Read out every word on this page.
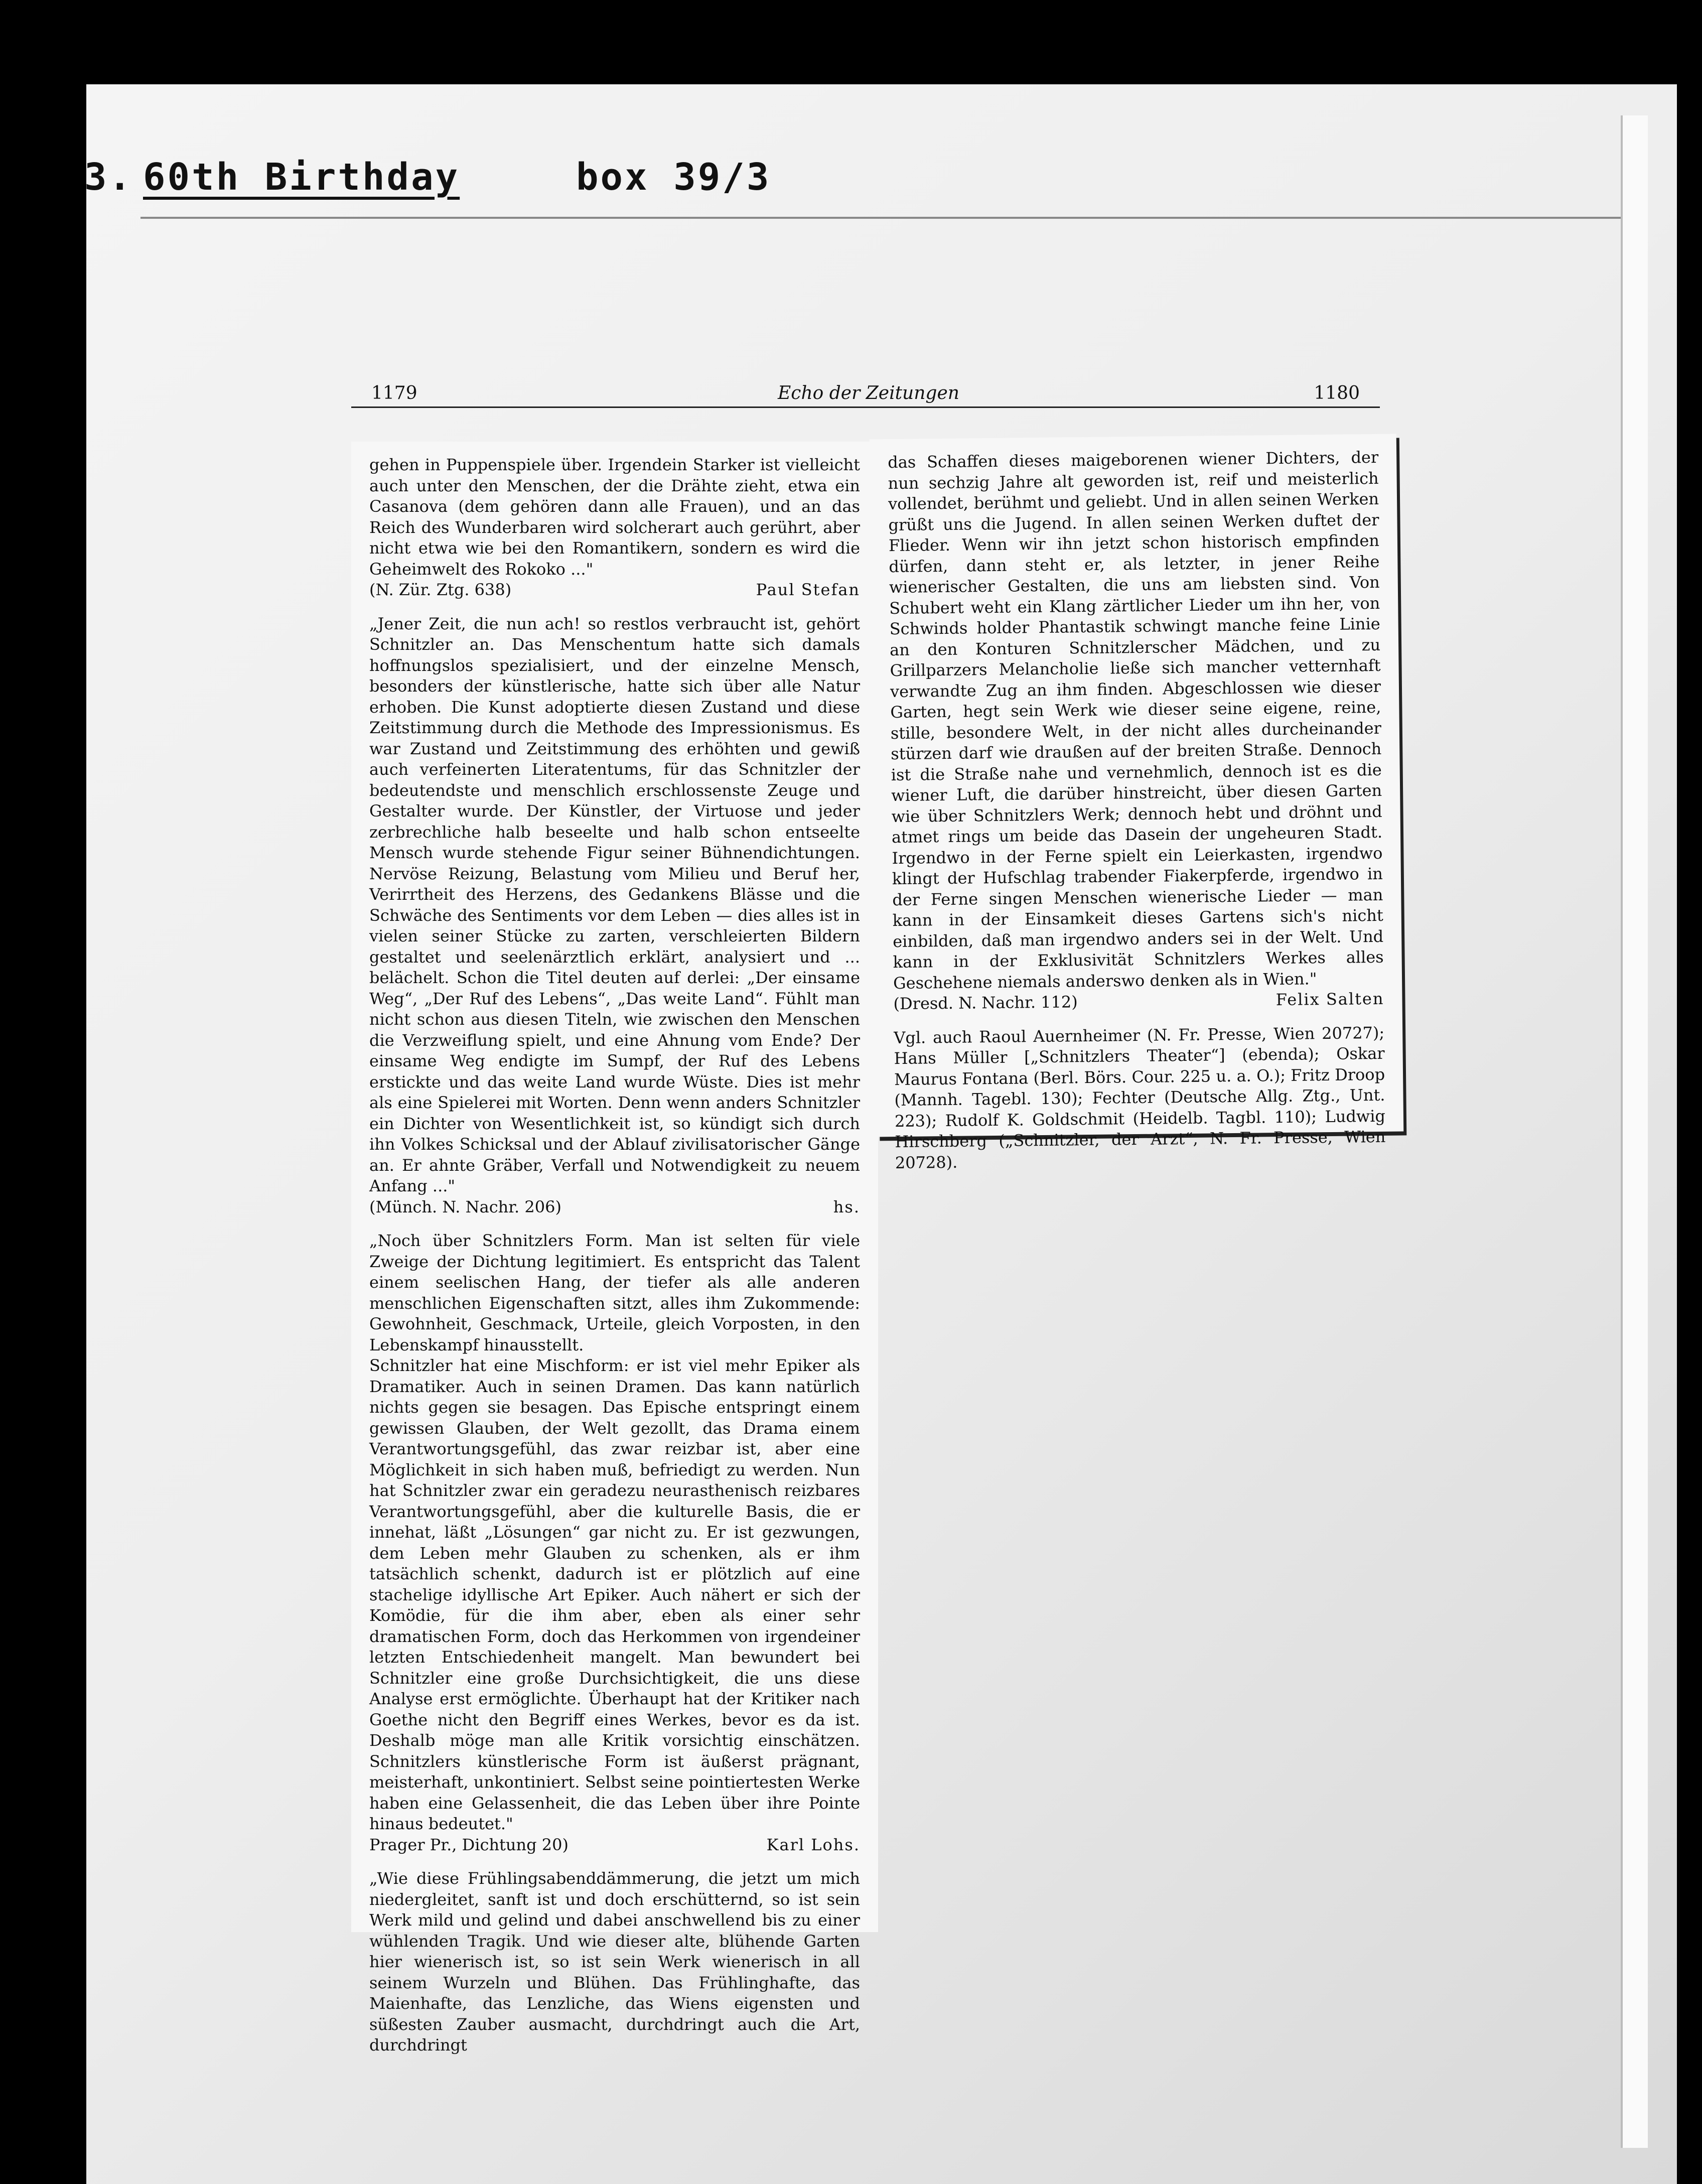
3. 60th Birthday	box 39/3
1179	Echo der Zeitungen	1180

gehen in Puppenspiele über. Irgendein Starker ist vielleicht auch unter den Menschen, der die Drähte zieht, etwa ein Casanova (dem gehören dann alle Frauen), und an das Reich des Wunderbaren wird solcherart auch gerührt, aber nicht etwa wie bei den Romantikern, sondern es wird die Geheimwelt des Rokoko ..."

(N. Zür. Ztg. 638)	Paul Stefan

„Jener Zeit, die nun ach! so restlos verbraucht ist, gehört Schnitzler an. Das Menschentum hatte sich damals hoffnungslos spezialisiert, und der einzelne Mensch, besonders der künstlerische, hatte sich über alle Natur erhoben. Die Kunst adoptierte diesen Zustand und diese Zeitstimmung durch die Methode des Impressionismus. Es war Zustand und Zeitstimmung des erhöhten und gewiß auch verfeinerten Literatentums, für das Schnitzler der bedeutendste und menschlich erschlossenste Zeuge und Gestalter wurde. Der Künstler, der Virtuose und jeder zerbrechliche halb beseelte und halb schon entseelte Mensch wurde stehende Figur seiner Bühnendichtungen. Nervöse Reizung, Belastung vom Milieu und Beruf her, Verirrtheit des Herzens, des Gedankens Blässe und die Schwäche des Sentiments vor dem Leben — dies alles ist in vielen seiner Stücke zu zarten, verschleierten Bildern gestaltet und seelenärztlich erklärt, analysiert und ... belächelt. Schon die Titel deuten auf derlei: „Der einsame Weg“, „Der Ruf des Lebens“, „Das weite Land“. Fühlt man nicht schon aus diesen Titeln, wie zwischen den Menschen die Verzweiflung spielt, und eine Ahnung vom Ende? Der einsame Weg endigte im Sumpf, der Ruf des Lebens erstickte und das weite Land wurde Wüste. Dies ist mehr als eine Spielerei mit Worten. Denn wenn anders Schnitzler ein Dichter von Wesentlichkeit ist, so kündigt sich durch ihn Volkes Schicksal und der Ablauf zivilisatorischer Gänge an. Er ahnte Gräber, Verfall und Notwendigkeit zu neuem Anfang ..."

(Münch. N. Nachr. 206)	hs.

„Noch über Schnitzlers Form. Man ist selten für viele Zweige der Dichtung legitimiert. Es entspricht das Talent einem seelischen Hang, der tiefer als alle anderen menschlichen Eigenschaften sitzt, alles ihm Zukommende: Gewohnheit, Geschmack, Urteile, gleich Vorposten, in den Lebenskampf hinausstellt.

Schnitzler hat eine Mischform: er ist viel mehr Epiker als Dramatiker. Auch in seinen Dramen. Das kann natürlich nichts gegen sie besagen. Das Epische entspringt einem gewissen Glauben, der Welt gezollt, das Drama einem Verantwortungsgefühl, das zwar reizbar ist, aber eine Möglichkeit in sich haben muß, befriedigt zu werden. Nun hat Schnitzler zwar ein geradezu neurasthenisch reizbares Verantwortungsgefühl, aber die kulturelle Basis, die er innehat, läßt „Lösungen“ gar nicht zu. Er ist gezwungen, dem Leben mehr Glauben zu schenken, als er ihm tatsächlich schenkt, dadurch ist er plötzlich auf eine stachelige idyllische Art Epiker. Auch nähert er sich der Komödie, für die ihm aber, eben als einer sehr dramatischen Form, doch das Herkommen von irgendeiner letzten Entschiedenheit mangelt. Man bewundert bei Schnitzler eine große Durchsichtigkeit, die uns diese Analyse erst ermöglichte. Überhaupt hat der Kritiker nach Goethe nicht den Begriff eines Werkes, bevor es da ist. Deshalb möge man alle Kritik vorsichtig einschätzen. Schnitzlers künstlerische Form ist äußerst prägnant, meisterhaft, unkontiniert. Selbst seine pointiertesten Werke haben eine Gelassenheit, die das Leben über ihre Pointe hinaus bedeutet."

Prager Pr., Dichtung 20)	Karl Lohs.

„Wie diese Frühlingsabenddämmerung, die jetzt um mich niedergleitet, sanft ist und doch erschütternd, so ist sein Werk mild und gelind und dabei anschwellend bis zu einer wühlenden Tragik. Und wie dieser alte, blühende Garten hier wienerisch ist, so ist sein Werk wienerisch in all seinem Wurzeln und Blühen. Das Frühlinghafte, das Maienhafte, das Lenzliche, das Wiens eigensten und süßesten Zauber ausmacht, durchdringt auch die Art, durchdringt

das Schaffen dieses maigeborenen wiener Dichters, der nun sechzig Jahre alt geworden ist, reif und meisterlich vollendet, berühmt und geliebt. Und in allen seinen Werken grüßt uns die Jugend. In allen seinen Werken duftet der Flieder. Wenn wir ihn jetzt schon historisch empfinden dürfen, dann steht er, als letzter, in jener Reihe wienerischer Gestalten, die uns am liebsten sind. Von Schubert weht ein Klang zärtlicher Lieder um ihn her, von Schwinds holder Phantastik schwingt manche feine Linie an den Konturen Schnitzlerscher Mädchen, und zu Grillparzers Melancholie ließe sich mancher vetternhaft verwandte Zug an ihm finden. Abgeschlossen wie dieser Garten, hegt sein Werk wie dieser seine eigene, reine, stille, besondere Welt, in der nicht alles durcheinander stürzen darf wie draußen auf der breiten Straße. Dennoch ist die Straße nahe und vernehmlich, dennoch ist es die wiener Luft, die darüber hinstreicht, über diesen Garten wie über Schnitzlers Werk; dennoch hebt und dröhnt und atmet rings um beide das Dasein der ungeheuren Stadt. Irgendwo in der Ferne spielt ein Leierkasten, irgendwo klingt der Hufschlag trabender Fiakerpferde, irgendwo in der Ferne singen Menschen wienerische Lieder — man kann in der Einsamkeit dieses Gartens sich's nicht einbilden, daß man irgendwo anders sei in der Welt. Und kann in der Exklusivität Schnitzlers Werkes alles Geschehene niemals anderswo denken als in Wien."

(Dresd. N. Nachr. 112)	Felix Salten

Vgl. auch Raoul Auernheimer (N. Fr. Presse, Wien 20727); Hans Müller [„Schnitzlers Theater“] (ebenda); Oskar Maurus Fontana (Berl. Börs. Cour. 225 u. a. O.); Fritz Droop (Mannh. Tagebl. 130); Fechter (Deutsche Allg. Ztg., Unt. 223); Rudolf K. Goldschmit (Heidelb. Tagbl. 110); Ludwig Hirschberg („Schnitzler, der Arzt“, N. Fr. Presse, Wien 20728).
